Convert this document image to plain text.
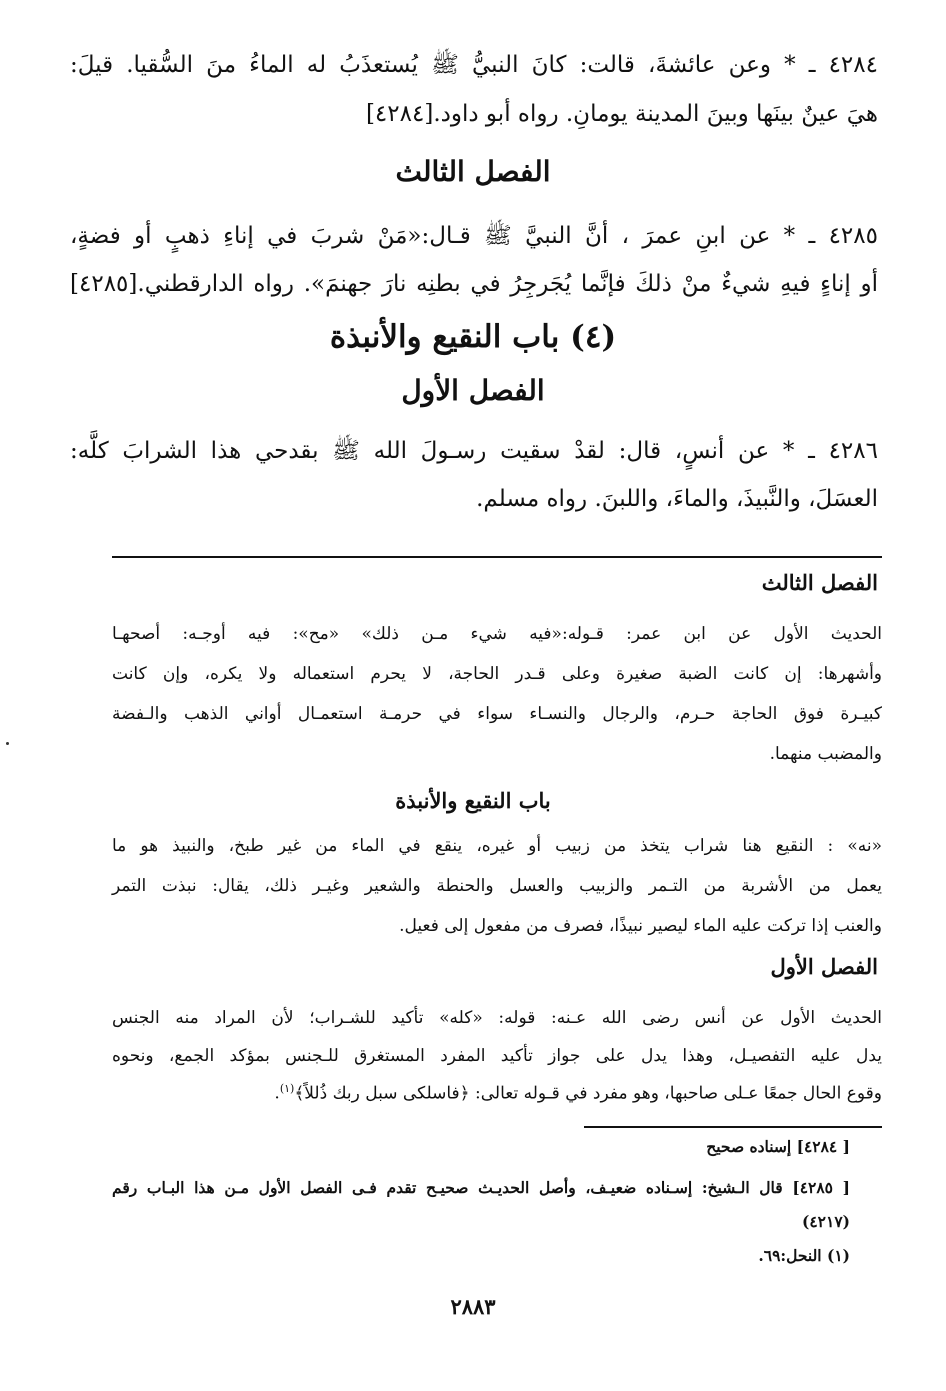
٤٢٨٤ ـ * وعن عائشةَ، قالت: كانَ النبيُّ ﷺ يُستعذَبُ له الماءُ منَ السُّقيا. قيلَ:
هيَ عينٌ بينَها وبينَ المدينة يومانِ. رواه أبو داود.[٤٢٨٤]
الفصل الثالث
٤٢٨٥ ـ * عن ابنِ عمرَ ، أنَّ النبيَّ ﷺ قـال:«مَنْ شربَ في إناءِ ذهبٍ أو فضةٍ،
أو إناءٍ فيهِ شيءٌ منْ ذلكَ فإنَّما يُجَرجِرُ في بطنِه نارَ جهنمَ». رواه الدارقطني.[٤٢٨٥]
(٤) باب النقيع والأنبذة
الفصل الأول
٤٢٨٦ ـ * عن أنسٍ، قال: لقدْ سقيت رسـولَ الله ﷺ بقدحي هذا الشرابَ كلَّه:
العسَلَ، والنَّبيذَ، والماءَ، واللبنَ. رواه مسلم.
الفصل الثالث
الحديث الأول عن ابن عمر: قـوله:«فيه شيء مـن ذلك» «مح»: فيه أوجـه: أصحهـا
وأشهرها: إن كانت الضبة صغيرة وعلى قـدر الحاجة، لا يحرم استعماله ولا يكره، وإن كانت
كبيـرة فوق الحاجة حـرم، والرجال والنسـاء سواء في حرمـة استعمـال أواني الذهب والـفضة
والمضبب منهما.
باب النقيع والأنبذة
«نه» : النقيع هنا شراب يتخذ من زبيب أو غيره، ينقع في الماء من غير طبخ، والنبيذ هو ما
يعمل من الأشربة من التـمر والزبيب والعسل والحنطة والشعير وغيـر ذلك، يقال: نبذت التمر
والعنب إذا تركت عليه الماء ليصير نبيذًا، فصرف من مفعول إلى فعيل.
الفصل الأول
الحديث الأول عن أنس رضى الله عـنه: قوله: «كله» تأكيد للشـراب؛ لأن المراد منه الجنس
يدل عليه التفصيـل، وهذا يدل على جواز تأكيد المفرد المستغرق للـجنس بمؤكد الجمع، ونحوه
وقوع الحال جمعًا عـلى صاحبها، وهو مفرد في قـوله تعالى: ﴿فاسلكى سبل ربك ذُللاً﴾$^{(١)}$.
[ ٤٢٨٤] إسناده صحيح
[ ٤٢٨٥] قال الـشيخ: إسـناده ضعيـف، وأصل الحديـث صحيـح تقدم فـى الفصل الأول مـن هذا البـاب رقم
(٤٢١٧)
(١) النحل:٦٩.
٢٨٨٣
